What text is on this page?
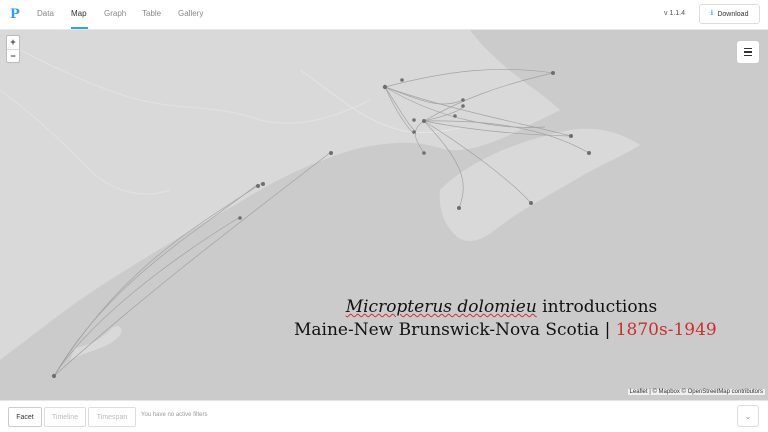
P Data Map Graph Table Gallery	v 1.1.4	⭳ Download
+
−
Micropterus dolomieu introductions
Maine-New Brunswick-Nova Scotia | 1870s-1949
Leaflet | © Mapbox © OpenStreetMap contributors
Facet	Timeline	Timespan	You have no active filters	⌄
